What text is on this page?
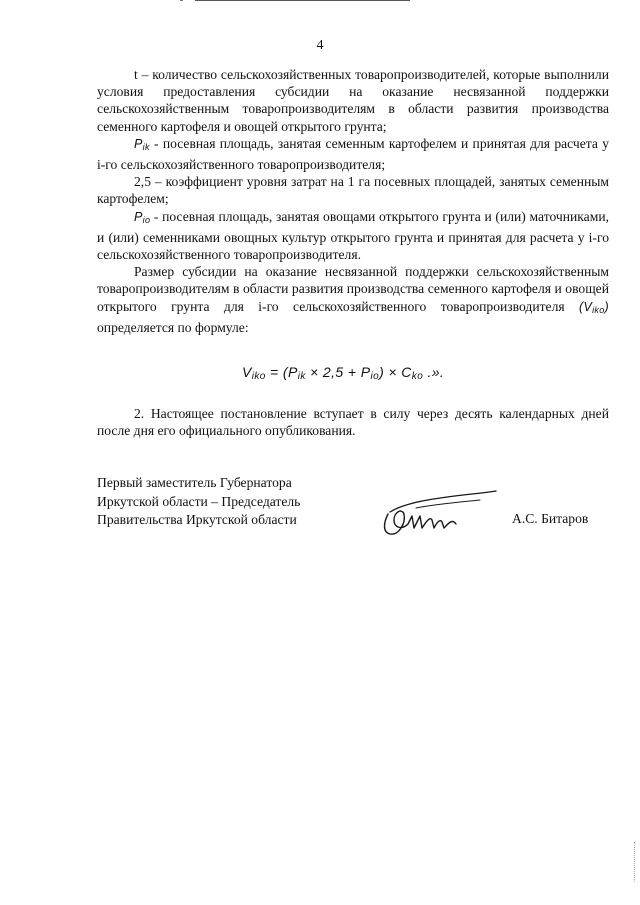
4

t – количество сельскохозяйственных товаропроизводителей, которые выполнили условия предоставления субсидии на оказание несвязанной поддержки сельскохозяйственным товаропроизводителям в области развития производства семенного картофеля и овощей открытого грунта;

$P_{ik}$ - посевная площадь, занятая семенным картофелем и принятая для расчета у i-го сельскохозяйственного товаропроизводителя;

2,5 – коэффициент уровня затрат на 1 га посевных площадей, занятых семенным картофелем;

$P_{io}$ - посевная площадь, занятая овощами открытого грунта и (или) маточниками, и (или) семенниками овощных культур открытого грунта и принятая для расчета у i-го сельскохозяйственного товаропроизводителя.

Размер субсидии на оказание несвязанной поддержки сельскохозяйственным товаропроизводителям в области развития производства семенного картофеля и овощей открытого грунта для i-го сельскохозяйственного товаропроизводителя $(V_{iko})$ определяется по формуле:

$V_{iko} = (P_{ik} \times 2,5 + P_{io}) \times C_{ko}$ .».

2. Настоящее постановление вступает в силу через десять календарных дней после дня его официального опубликования.

Первый заместитель Губернатора
Иркутской области – Председатель
Правительства Иркутской области	А.С. Битаров
